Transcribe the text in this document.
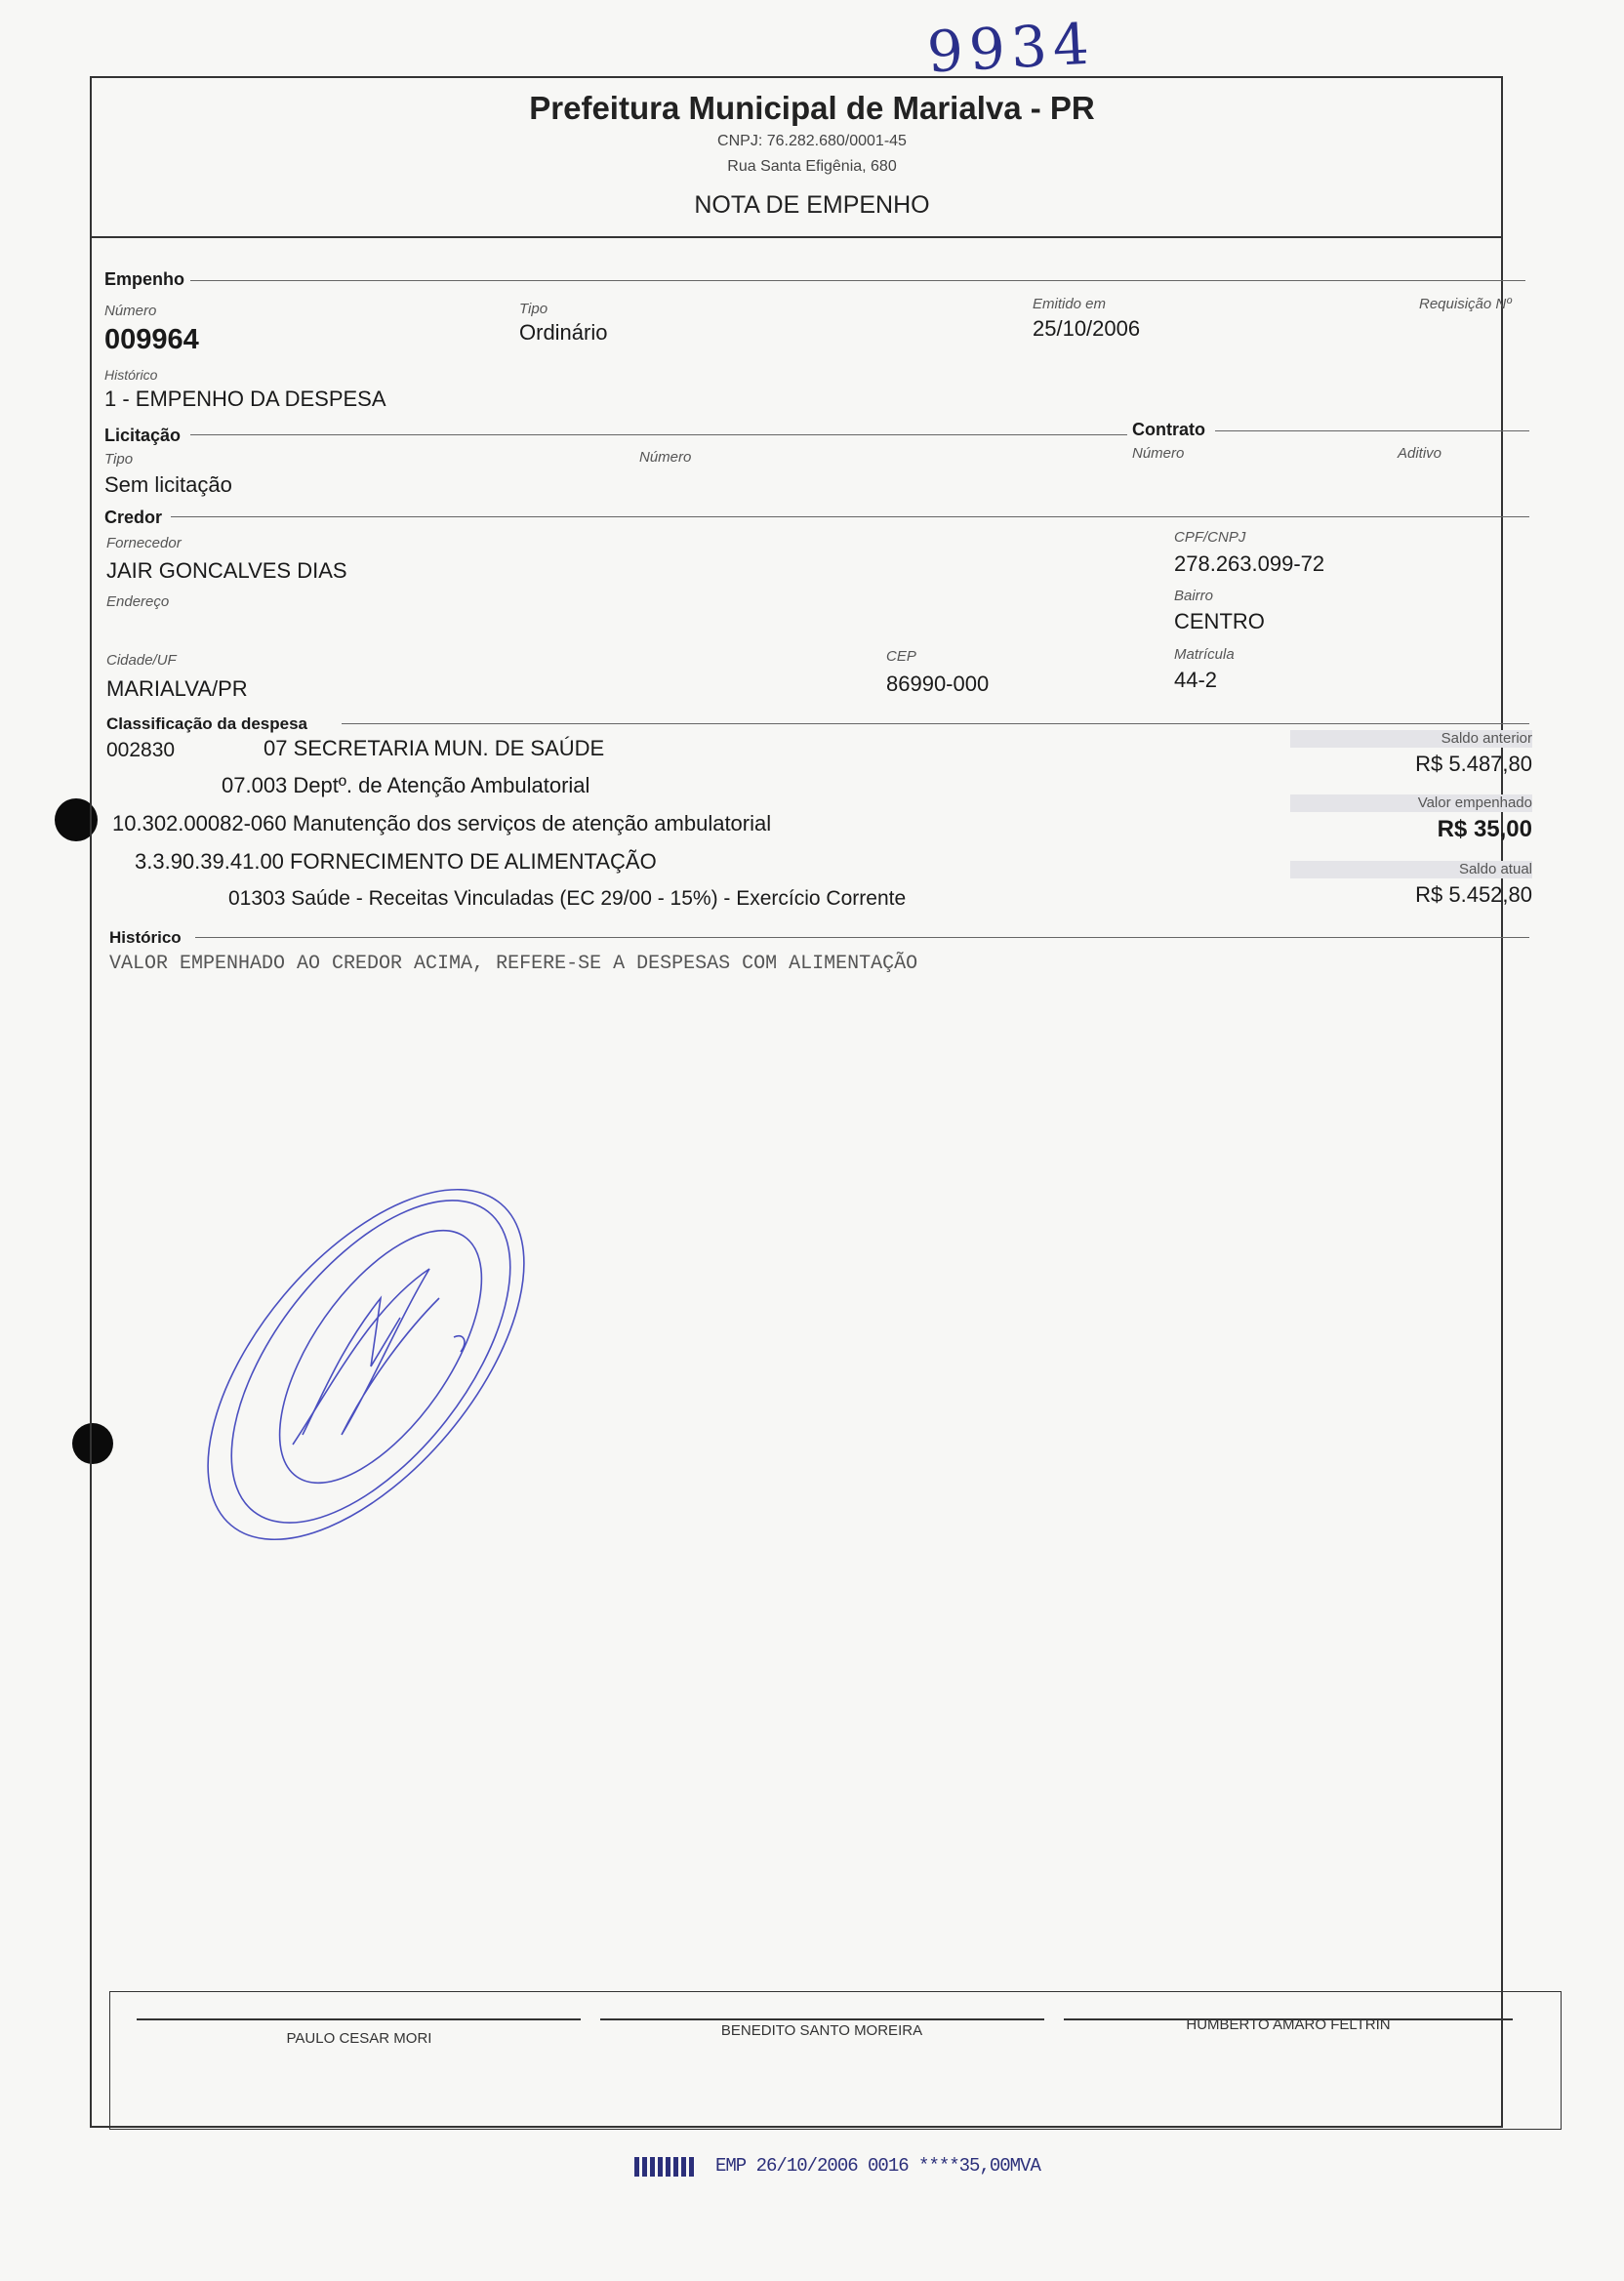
9934
Prefeitura Municipal de Marialva - PR
CNPJ: 76.282.680/0001-45
Rua Santa Efigênia, 680
NOTA DE EMPENHO
Empenho
Número
009964
Tipo
Ordinário
Emitido em
25/10/2006
Requisição Nº
Histórico
1 - EMPENHO DA DESPESA
Licitação	Contrato
Tipo
Sem licitação
Número	Número	Aditivo
Credor
Fornecedor
JAIR GONCALVES DIAS
CPF/CNPJ
278.263.099-72
Endereço	Bairro
CENTRO
Cidade/UF
MARIALVA/PR
CEP
86990-000
Matrícula
44-2
Classificação da despesa
002830	07 SECRETARIA MUN. DE SAÚDE
07.003 Deptº. de Atenção Ambulatorial
10.302.00082-060 Manutenção dos serviços de atenção ambulatorial
3.3.90.39.41.00 FORNECIMENTO DE ALIMENTAÇÃO
01303 Saúde - Receitas Vinculadas (EC 29/00 - 15%) - Exercício Corrente
Saldo anterior
R$ 5.487,80
Valor empenhado
R$ 35,00
Saldo atual
R$ 5.452,80
Histórico
VALOR EMPENHADO AO CREDOR ACIMA, REFERE-SE A DESPESAS COM ALIMENTAÇÃO
PAULO CESAR MORI	BENEDITO SANTO MOREIRA	HUMBERTO AMARO FELTRIN
EMP 26/10/2006 0016 ****35,00MVA
